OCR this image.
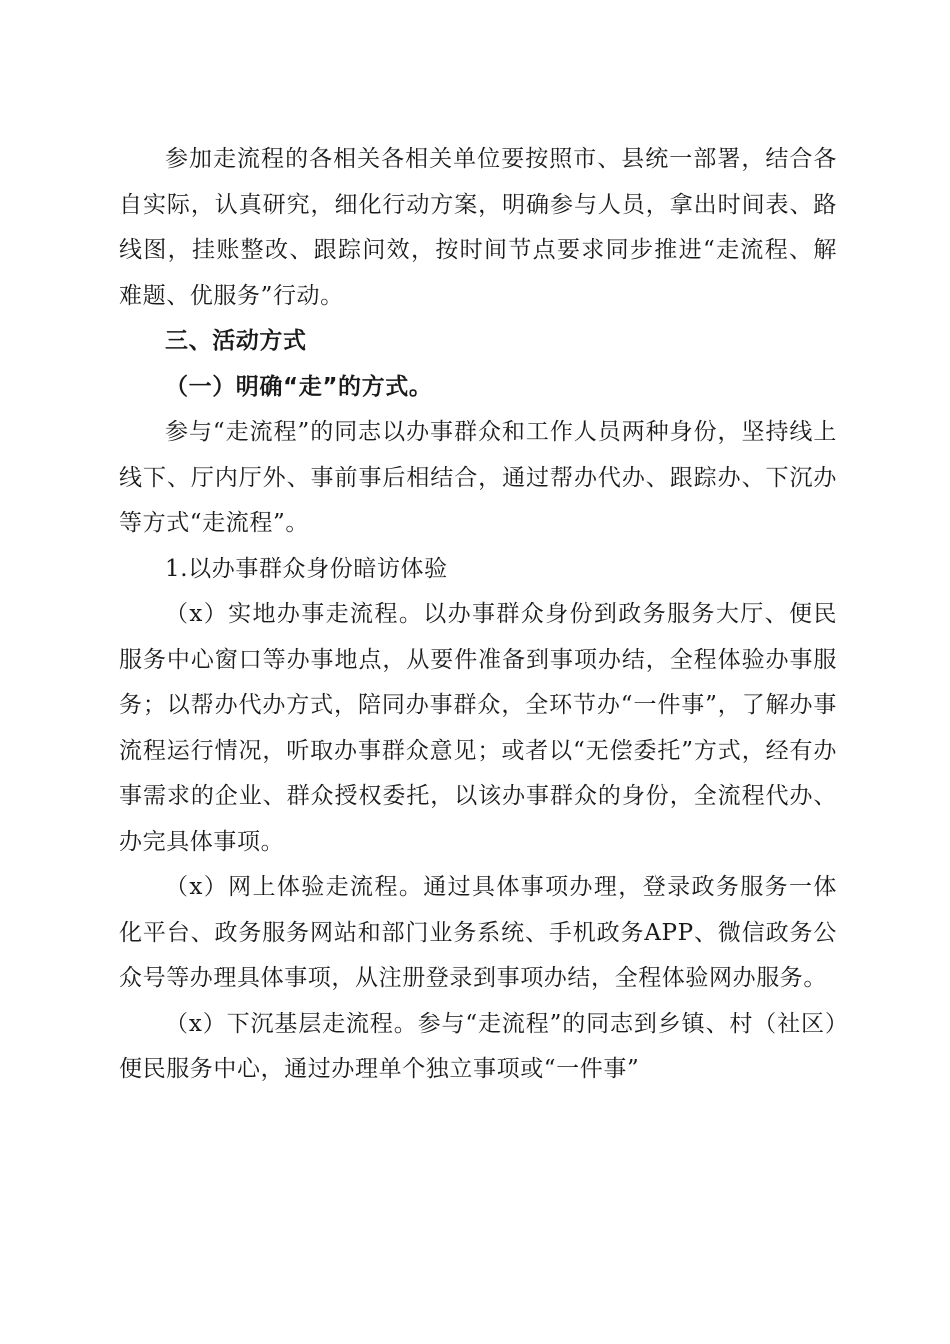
参加走流程的各相关各相关单位要按照市、县统一部署，结合各自实际，认真研究，细化行动方案，明确参与人员，拿出时间表、路线图，挂账整改、跟踪问效，按时间节点要求同步推进“走流程、解难题、优服务”行动。

三、活动方式

（一）明确“走”的方式。

参与“走流程”的同志以办事群众和工作人员两种身份，坚持线上线下、厅内厅外、事前事后相结合，通过帮办代办、跟踪办、下沉办等方式“走流程”。

1.以办事群众身份暗访体验

（x）实地办事走流程。以办事群众身份到政务服务大厅、便民服务中心窗口等办事地点，从要件准备到事项办结，全程体验办事服务；以帮办代办方式，陪同办事群众，全环节办“一件事”，了解办事流程运行情况，听取办事群众意见；或者以“无偿委托”方式，经有办事需求的企业、群众授权委托，以该办事群众的身份，全流程代办、办完具体事项。

（x）网上体验走流程。通过具体事项办理，登录政务服务一体化平台、政务服务网站和部门业务系统、手机政务APP、微信政务公众号等办理具体事项，从注册登录到事项办结，全程体验网办服务。

（x）下沉基层走流程。参与“走流程”的同志到乡镇、村（社区）便民服务中心，通过办理单个独立事项或“一件事”
